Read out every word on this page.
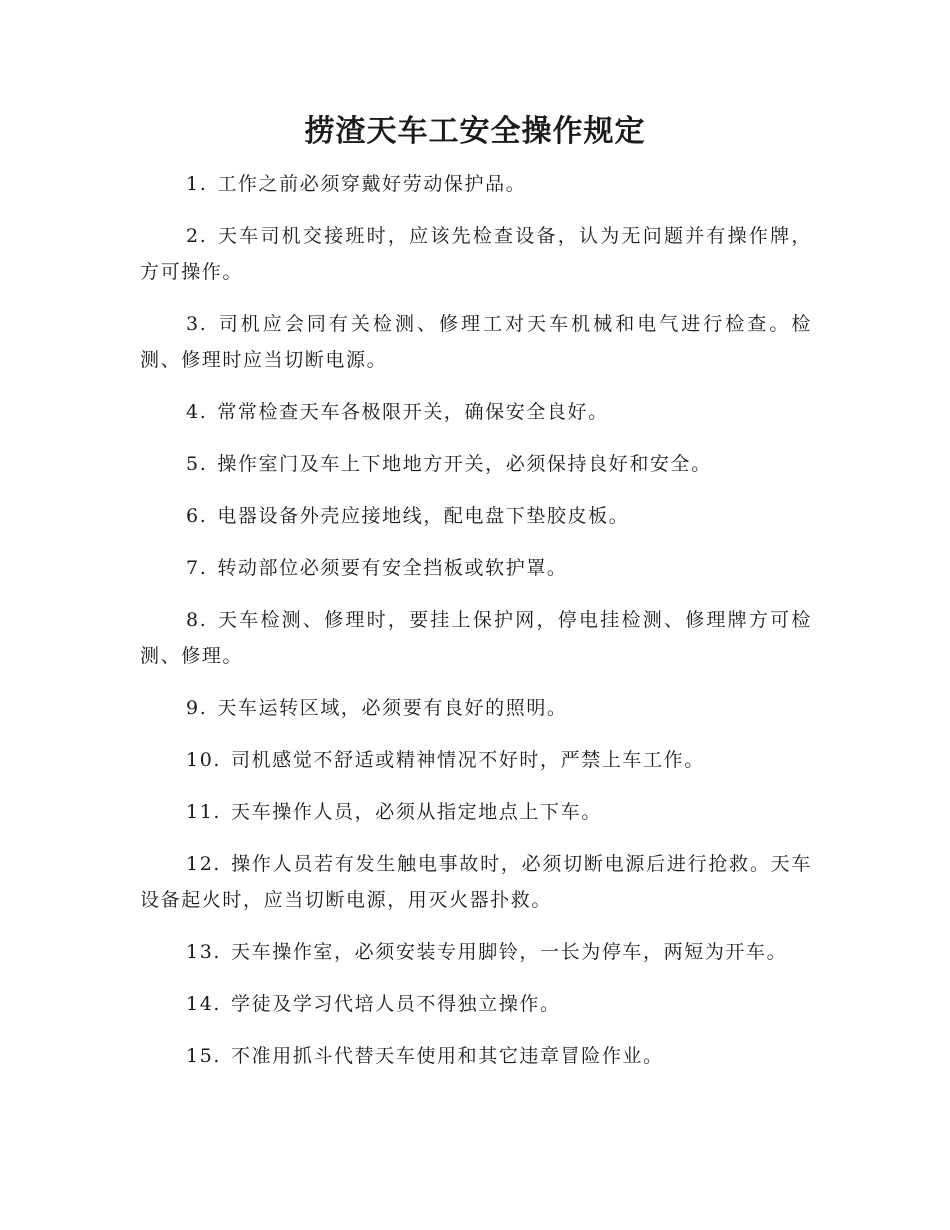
捞渣天车工安全操作规定

1. 工作之前必须穿戴好劳动保护品。

2. 天车司机交接班时，应该先检查设备，认为无问题并有操作牌，方可操作。

3. 司机应会同有关检测、修理工对天车机械和电气进行检查。检测、修理时应当切断电源。

4. 常常检查天车各极限开关，确保安全良好。

5. 操作室门及车上下地地方开关，必须保持良好和安全。

6. 电器设备外壳应接地线，配电盘下垫胶皮板。

7. 转动部位必须要有安全挡板或软护罩。

8. 天车检测、修理时，要挂上保护网，停电挂检测、修理牌方可检测、修理。

9. 天车运转区域，必须要有良好的照明。

10. 司机感觉不舒适或精神情况不好时，严禁上车工作。

11. 天车操作人员，必须从指定地点上下车。

12. 操作人员若有发生触电事故时，必须切断电源后进行抢救。天车设备起火时，应当切断电源，用灭火器扑救。

13. 天车操作室，必须安装专用脚铃，一长为停车，两短为开车。

14. 学徒及学习代培人员不得独立操作。

15. 不准用抓斗代替天车使用和其它违章冒险作业。
